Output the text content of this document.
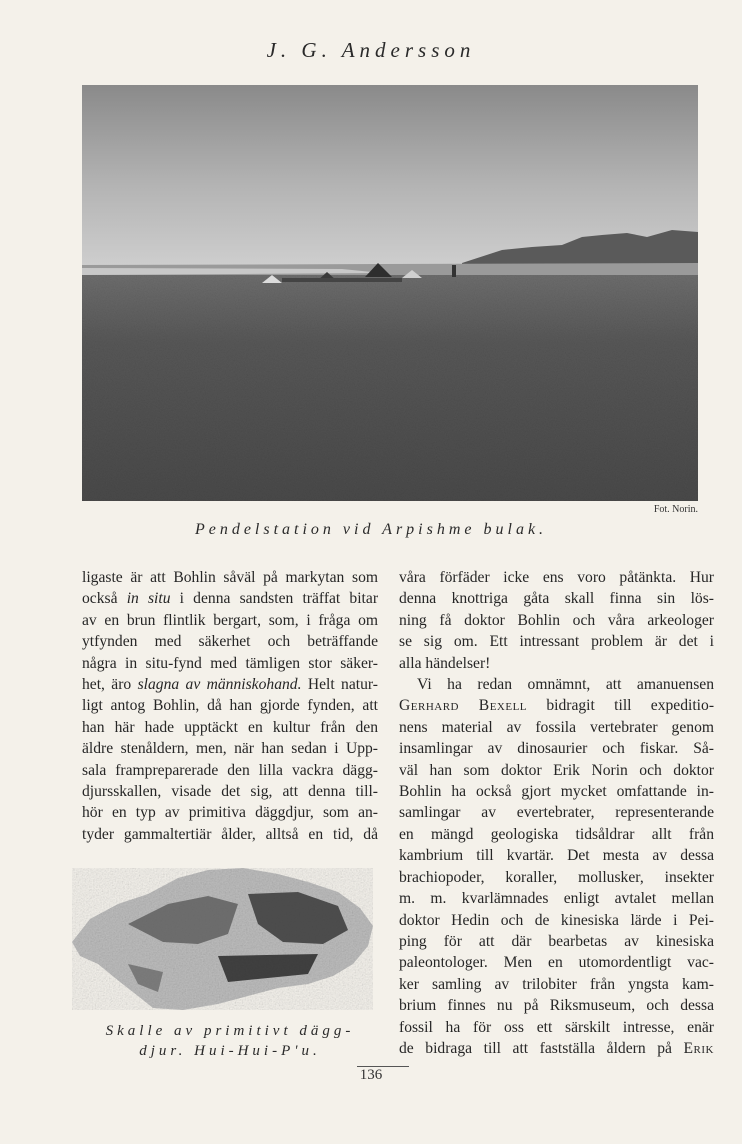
J. G. Andersson
Fot. Norin.
Pendelstation vid Arpishme bulak.

ligaste är att Bohlin såväl på markytan som
också in situ i denna sandsten träffat bitar
av en brun flintlik bergart, som, i fråga om
ytfynden med säkerhet och beträffande
några in situ-fynd med tämligen stor säker-
het, äro slagna av människohand. Helt natur-
ligt antog Bohlin, då han gjorde fynden, att
han här hade upptäckt en kultur från den
äldre stenåldern, men, när han sedan i Upp-
sala frampreparerade den lilla vackra dägg-
djursskallen, visade det sig, att denna till-
hör en typ av primitiva däggdjur, som an-
tyder gammaltertiär ålder, alltså en tid, då

Skalle av primitivt dägg-
djur. Hui-Hui-P'u.

våra förfäder icke ens voro påtänkta. Hur
denna knottriga gåta skall finna sin lös-
ning få doktor Bohlin och våra arkeologer
se sig om. Ett intressant problem är det i
alla händelser!

Vi ha redan omnämnt, att amanuensen
Gerhard Bexell bidragit till expeditio-
nens material av fossila vertebrater genom
insamlingar av dinosaurier och fiskar. Så-
väl han som doktor Erik Norin och doktor
Bohlin ha också gjort mycket omfattande in-
samlingar av evertebrater, representerande
en mängd geologiska tidsåldrar allt från
kambrium till kvartär. Det mesta av dessa
brachiopoder, koraller, mollusker, insekter
m. m. kvarlämnades enligt avtalet mellan
doktor Hedin och de kinesiska lärde i Pei-
ping för att där bearbetas av kinesiska
paleontologer. Men en utomordentligt vac-
ker samling av trilobiter från yngsta kam-
brium finnes nu på Riksmuseum, och dessa
fossil ha för oss ett särskilt intresse, enär
de bidraga till att fastställa åldern på Erik

136
